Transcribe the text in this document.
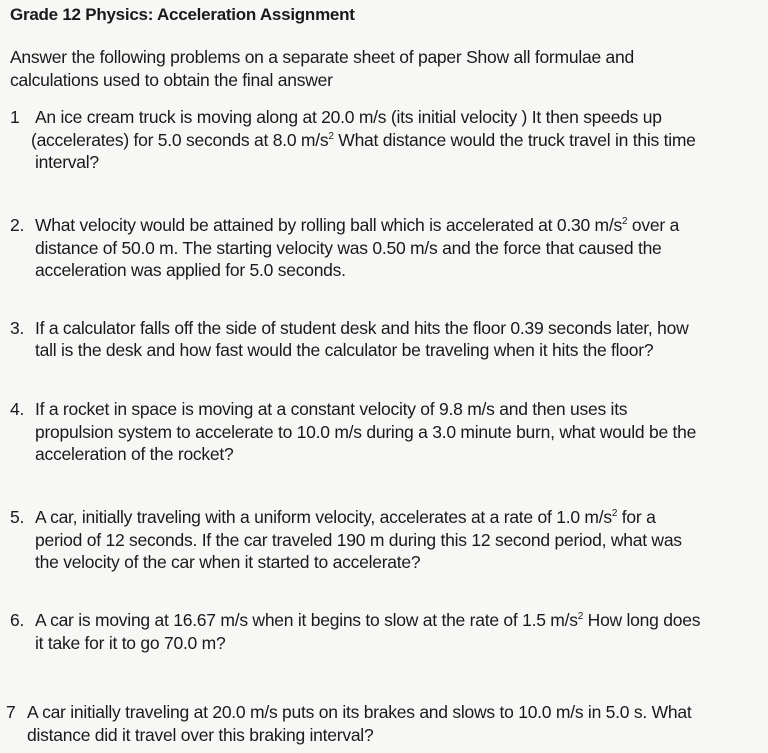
Grade 12 Physics: Acceleration Assignment
Answer the following problems on a separate sheet of paper Show all formulae and
calculations used to obtain the final answer
1 An ice cream truck is moving along at 20.0 m/s (its initial velocity ) It then speeds up
(accelerates) for 5.0 seconds at 8.0 $m/s^2$ What distance would the truck travel in this time
interval?
2. What velocity would be attained by rolling ball which is accelerated at 0.30 $m/s^2$ over a
distance of 50.0 m. The starting velocity was 0.50 m/s and the force that caused the
acceleration was applied for 5.0 seconds.
3. If a calculator falls off the side of student desk and hits the floor 0.39 seconds later, how
tall is the desk and how fast would the calculator be traveling when it hits the floor?
4. If a rocket in space is moving at a constant velocity of 9.8 m/s and then uses its
propulsion system to accelerate to 10.0 m/s during a 3.0 minute burn, what would be the
acceleration of the rocket?
5. A car, initially traveling with a uniform velocity, accelerates at a rate of 1.0 $m/s^2$ for a
period of 12 seconds. If the car traveled 190 m during this 12 second period, what was
the velocity of the car when it started to accelerate?
6. A car is moving at 16.67 m/s when it begins to slow at the rate of 1.5 $m/s^2$ How long does
it take for it to go 70.0 m?
7 A car initially traveling at 20.0 m/s puts on its brakes and slows to 10.0 m/s in 5.0 s. What
distance did it travel over this braking interval?
